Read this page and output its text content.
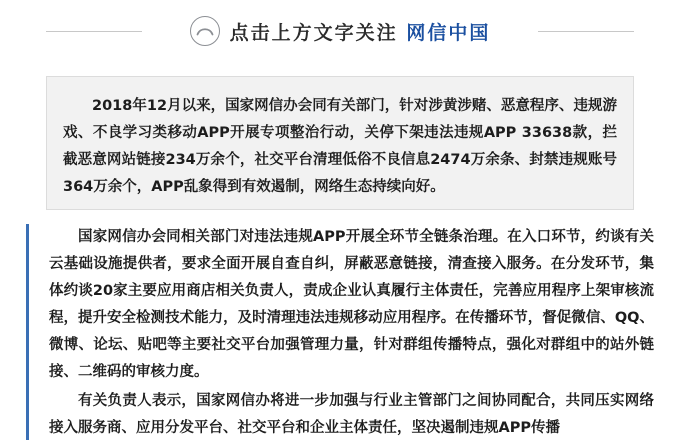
点击上方文字关注 网信中国

2018年12月以来，国家网信办会同有关部门，针对涉黄涉赌、恶意程序、违规游戏、不良学习类移动APP开展专项整治行动，关停下架违法违规APP 33638款，拦截恶意网站链接234万余个，社交平台清理低俗不良信息2474万余条、封禁违规账号364万余个，APP乱象得到有效遏制，网络生态持续向好。

国家网信办会同相关部门对违法违规APP开展全环节全链条治理。在入口环节，约谈有关云基础设施提供者，要求全面开展自查自纠，屏蔽恶意链接，清查接入服务。在分发环节，集体约谈20家主要应用商店相关负责人，责成企业认真履行主体责任，完善应用程序上架审核流程，提升安全检测技术能力，及时清理违法违规移动应用程序。在传播环节，督促微信、QQ、微博、论坛、贴吧等主要社交平台加强管理力量，针对群组传播特点，强化对群组中的站外链接、二维码的审核力度。

有关负责人表示，国家网信办将进一步加强与行业主管部门之间协同配合，共同压实网络接入服务商、应用分发平台、社交平台和企业主体责任，坚决遏制违规APP传播
